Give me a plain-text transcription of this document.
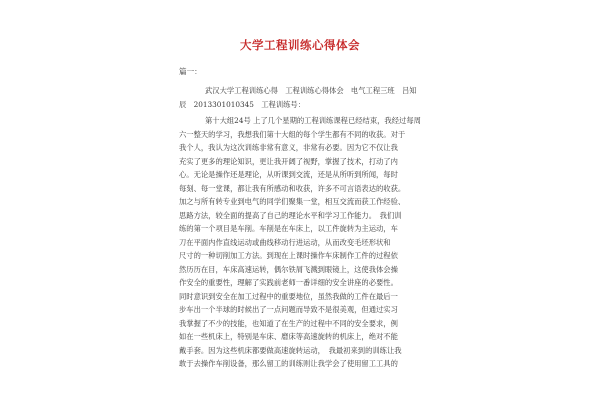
大学工程训练心得体会
篇一：
武汉大学工程训练心得　工程训练心得体会　电气工程三班　吕知
辰　2013301010345　工程训练号：
第十大组24号 上了几个星期的工程训练课程已经结束，我经过每周
六一整天的学习，我想我们第十大组的每个学生都有不同的收获。对于
我个人，我认为这次训练非常有意义，非常有必要。因为它不仅让我
充实了更多的理论知识，更让我开阔了视野，掌握了技术，打动了内
心。无论是操作还是理论，从听课到交流，还是从所听到所闻，每时
每刻、每一堂课，都让我有所感动和收获，许多不可言语表达的收获。
加之与所有转专业到电气的同学们聚集一堂，相互交流而获工作经验、
思路方法，较全面的提高了自己的理论水平和学习工作能力。　我们训
练的第一个项目是车削。车削是在车床上，以工件旋转为主运动，车
刀在平面内作直线运动或曲线移动行进运动，从而改变毛坯形状和
尺寸的一种切削加工方法。到现在上课时操作车床制作工件的过程依
然历历在目，车床高速运转，偶尔铁屑飞溅到眼镜上，这使我体会操
作安全的重要性，理解了实践前老师一番详细的安全讲座的必要性。
同时意识到安全在加工过程中的重要地位，虽然我做的工件在最后一
步车出一个半球的时候出了一点问题而导致不是很美观，但通过实习
我掌握了不少的技能，也知道了在生产的过程中不同的安全要求，例
如在一些机床上，特别是车床、磨床等高速旋转的机床上，绝对不能
戴手套。因为这些机床都要做高速旋转运动，　我最初来到的训练让我
敢于去操作车削设备，那么留工的训练则让我学会了使用留工工具的
